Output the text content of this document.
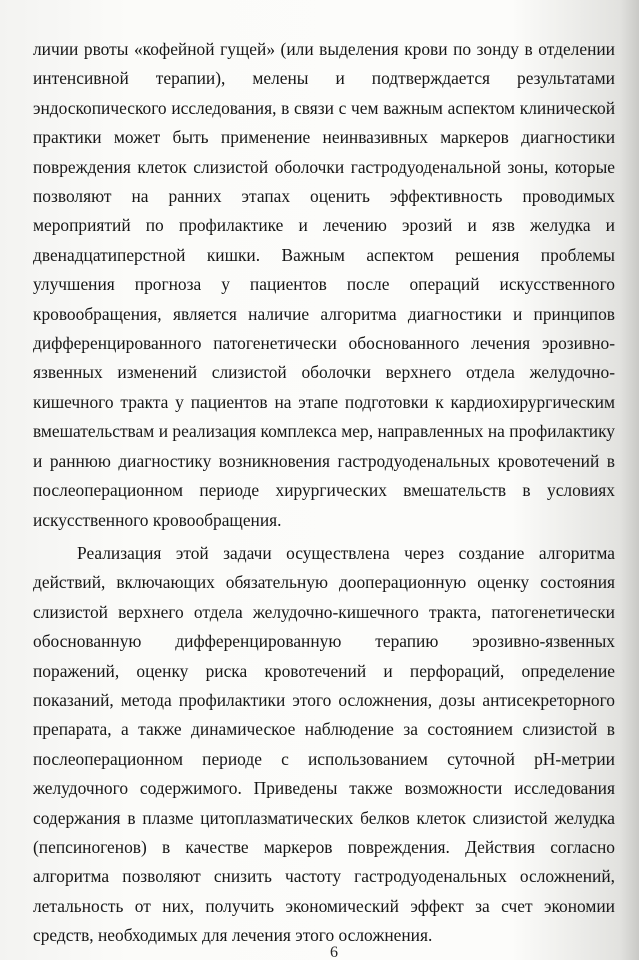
личии рвоты «кофейной гущей» (или выделения крови по зонду в отделении интенсивной терапии), мелены и подтверждается результатами эндоскопического исследования, в связи с чем важным аспектом клинической практики может быть применение неинвазивных маркеров диагностики повреждения клеток слизистой оболочки гастродуоденальной зоны, которые позволяют на ранних этапах оценить эффективность проводимых мероприятий по профилактике и лечению эрозий и язв желудка и двенадцатиперстной кишки. Важным аспектом решения проблемы улучшения прогноза у пациентов после операций искусственного кровообращения, является наличие алгоритма диагностики и принципов дифференцированного патогенетически обоснованного лечения эрозивно-язвенных изменений слизистой оболочки верхнего отдела желудочно-кишечного тракта у пациентов на этапе подготовки к кардиохирургическим вмешательствам и реализация комплекса мер, направленных на профилактику и раннюю диагностику возникновения гастродуоденальных кровотечений в послеоперационном периоде хирургических вмешательств в условиях искусственного кровообращения.

Реализация этой задачи осуществлена через создание алгоритма действий, включающих обязательную дооперационную оценку состояния слизистой верхнего отдела желудочно-кишечного тракта, патогенетически обоснованную дифференцированную терапию эрозивно-язвенных поражений, оценку риска кровотечений и перфораций, определение показаний, метода профилактики этого осложнения, дозы антисекреторного препарата, а также динамическое наблюдение за состоянием слизистой в послеоперационном периоде с использованием суточной pH-метрии желудочного содержимого. Приведены также возможности исследования содержания в плазме цитоплазматических белков клеток слизистой желудка (пепсиногенов) в качестве маркеров повреждения. Действия согласно алгоритма позволяют снизить частоту гастродуоденальных осложнений, летальность от них, получить экономический эффект за счет экономии средств, необходимых для лечения этого осложнения.

6
